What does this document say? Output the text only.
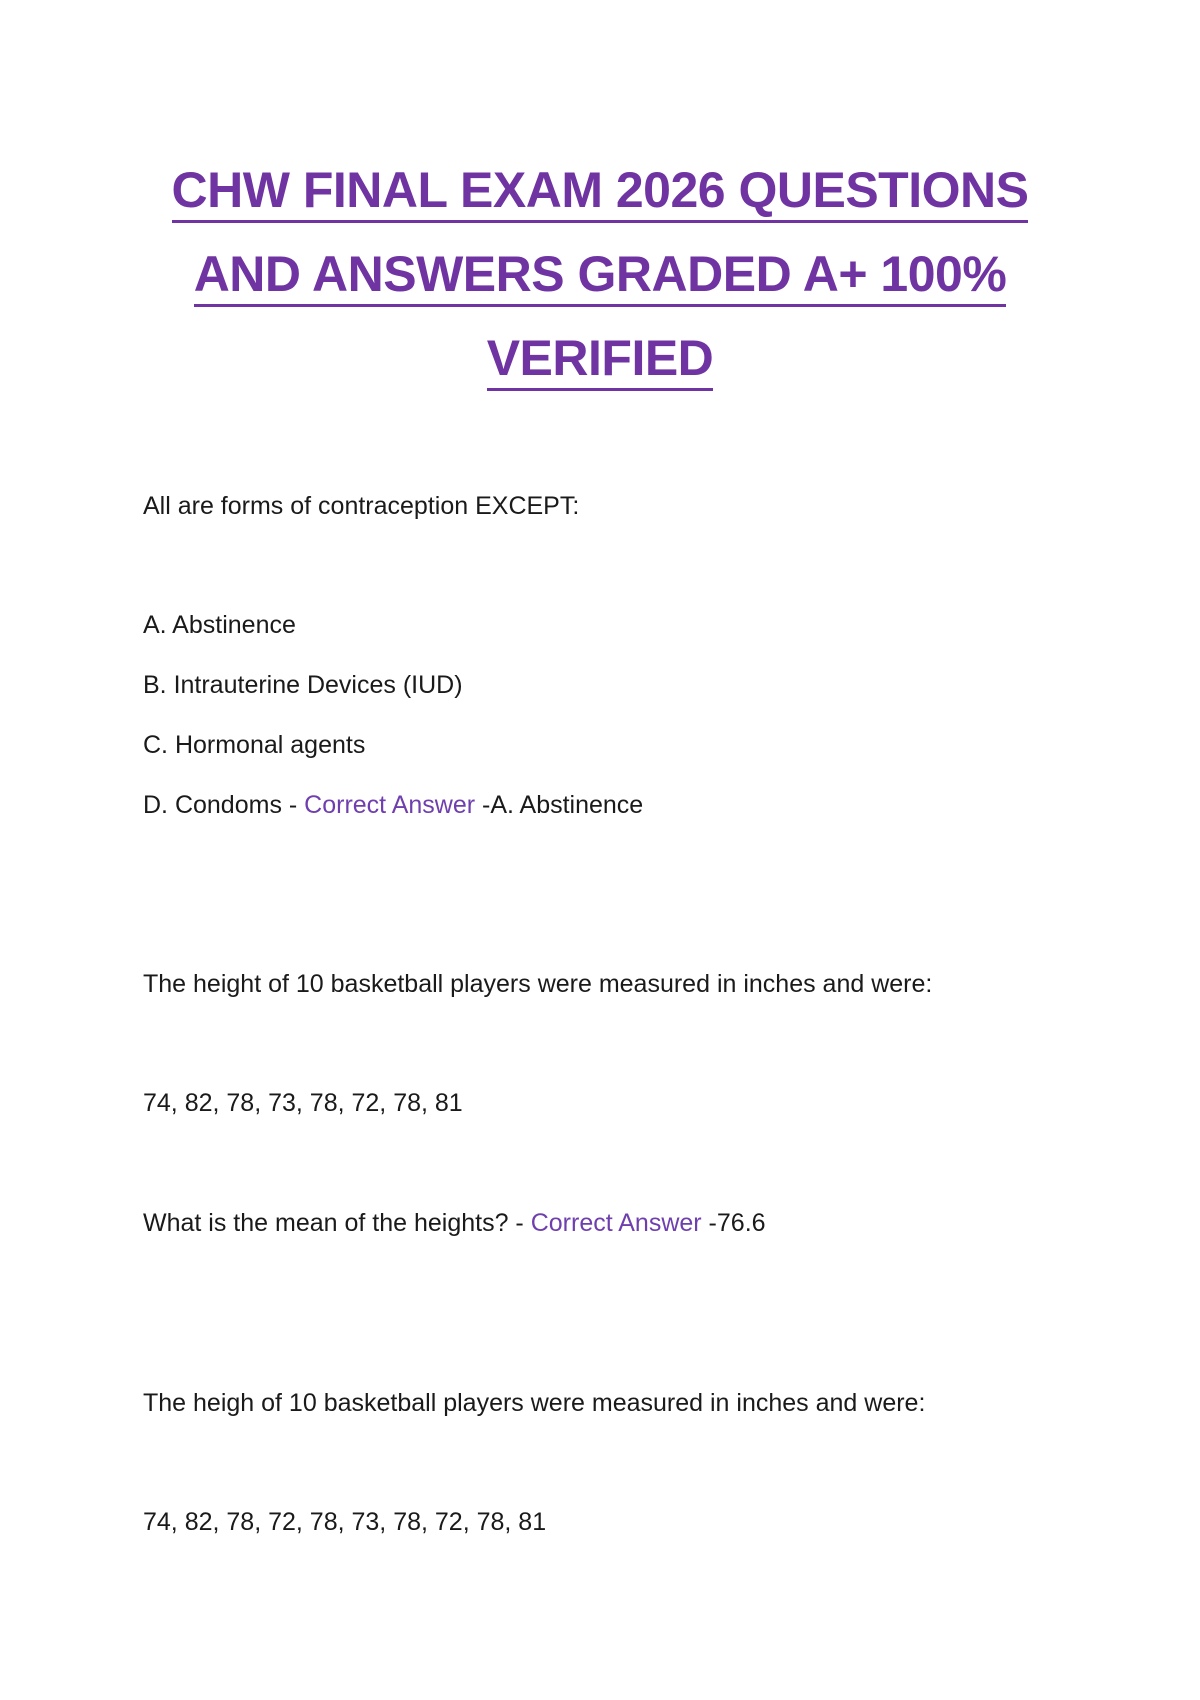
CHW FINAL EXAM 2026 QUESTIONS
AND ANSWERS GRADED A+ 100%
VERIFIED
All are forms of contraception EXCEPT:
A. Abstinence
B. Intrauterine Devices (IUD)
C. Hormonal agents
D. Condoms - Correct Answer -A. Abstinence
The height of 10 basketball players were measured in inches and were:
74, 82, 78, 73, 78, 72, 78, 81
What is the mean of the heights? - Correct Answer -76.6
The heigh of 10 basketball players were measured in inches and were:
74, 82, 78, 72, 78, 73, 78, 72, 78, 81
